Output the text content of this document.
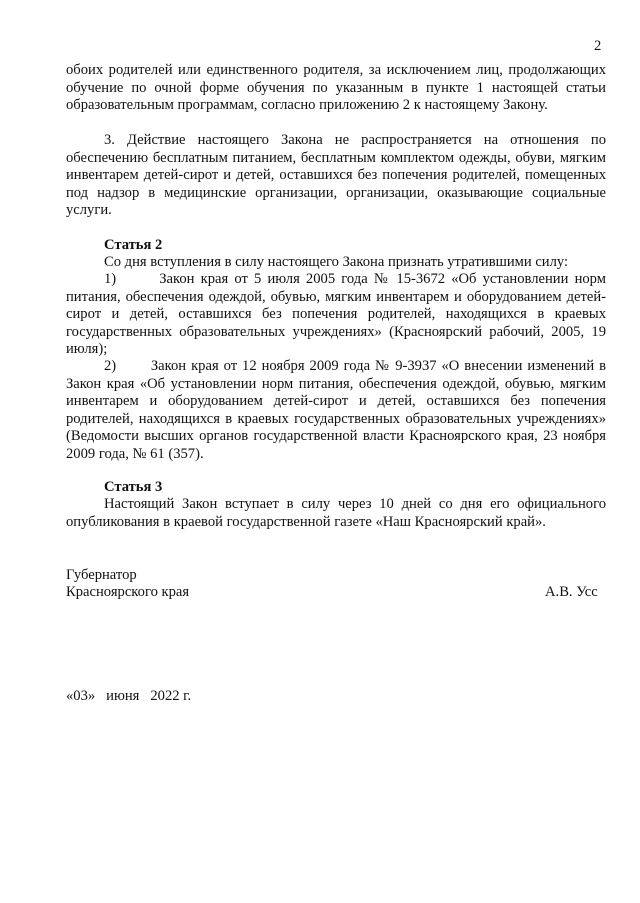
2

обоих родителей или единственного родителя, за исключением лиц, продолжающих обучение по очной форме обучения по указанным в пункте 1 настоящей статьи образовательным программам, согласно приложению 2 к настоящему Закону.

3. Действие настоящего Закона не распространяется на отношения по обеспечению бесплатным питанием, бесплатным комплектом одежды, обуви, мягким инвентарем детей-сирот и детей, оставшихся без попечения родителей, помещенных под надзор в медицинские организации, организации, оказывающие социальные услуги.

Статья 2

Со дня вступления в силу настоящего Закона признать утратившими силу:

1)	Закон края от 5 июля 2005 года № 15-3672 «Об установлении норм питания, обеспечения одеждой, обувью, мягким инвентарем и оборудованием детей-сирот и детей, оставшихся без попечения родителей, находящихся в краевых государственных образовательных учреждениях» (Красноярский рабочий, 2005, 19 июля);

2) Закон края от 12 ноября 2009 года № 9-3937 «О внесении изменений в Закон края «Об установлении норм питания, обеспечения одеждой, обувью, мягким инвентарем и оборудованием детей-сирот и детей, оставшихся без попечения родителей, находящихся в краевых государственных образовательных учреждениях» (Ведомости высших органов государственной власти Красноярского края, 23 ноября 2009 года, № 61 (357).

Статья 3

Настоящий Закон вступает в силу через 10 дней со дня его официального опубликования в краевой государственной газете «Наш Красноярский край».

Губернатор
Красноярского края	А.В. Усс
«03» июня 2022 г.
